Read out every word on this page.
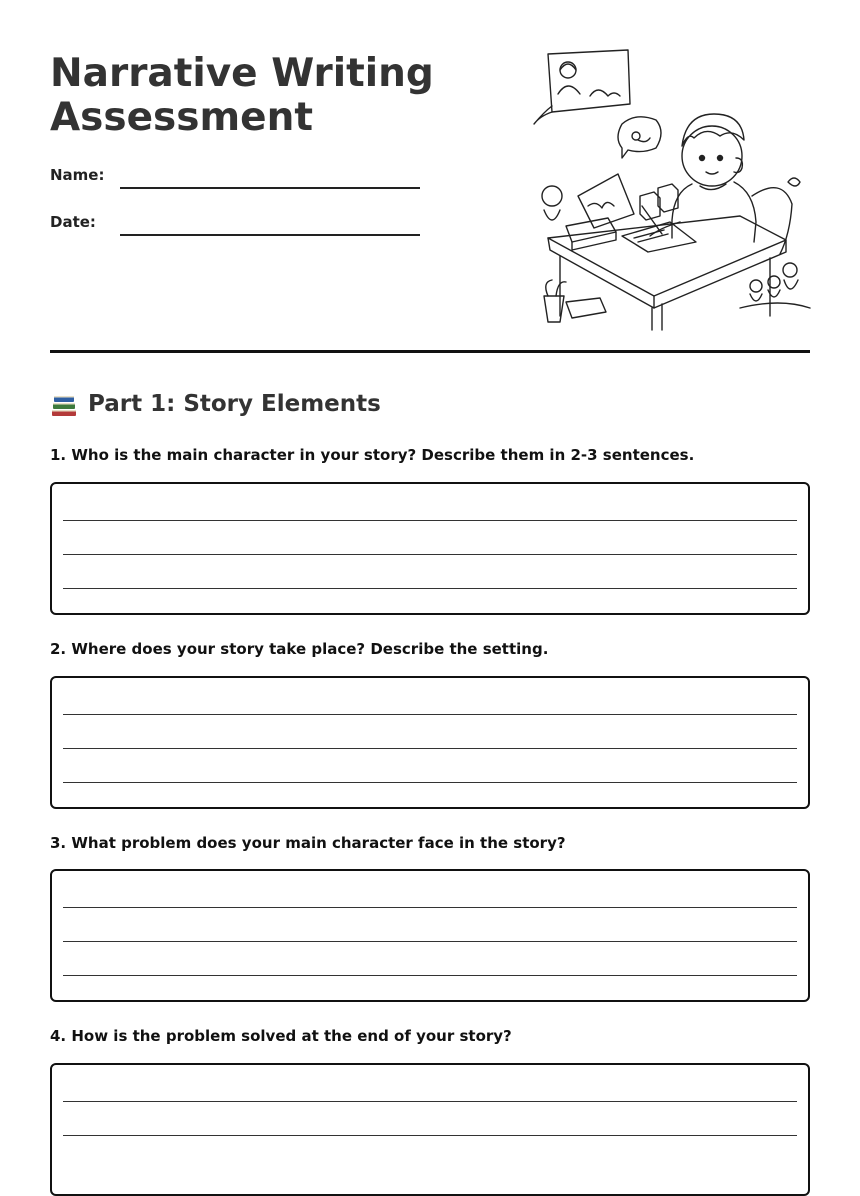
Narrative Writing Assessment
Name:
Date:
Part 1: Story Elements

1. Who is the main character in your story? Describe them in 2-3 sentences.

2. Where does your story take place? Describe the setting.

3. What problem does your main character face in the story?

4. How is the problem solved at the end of your story?
